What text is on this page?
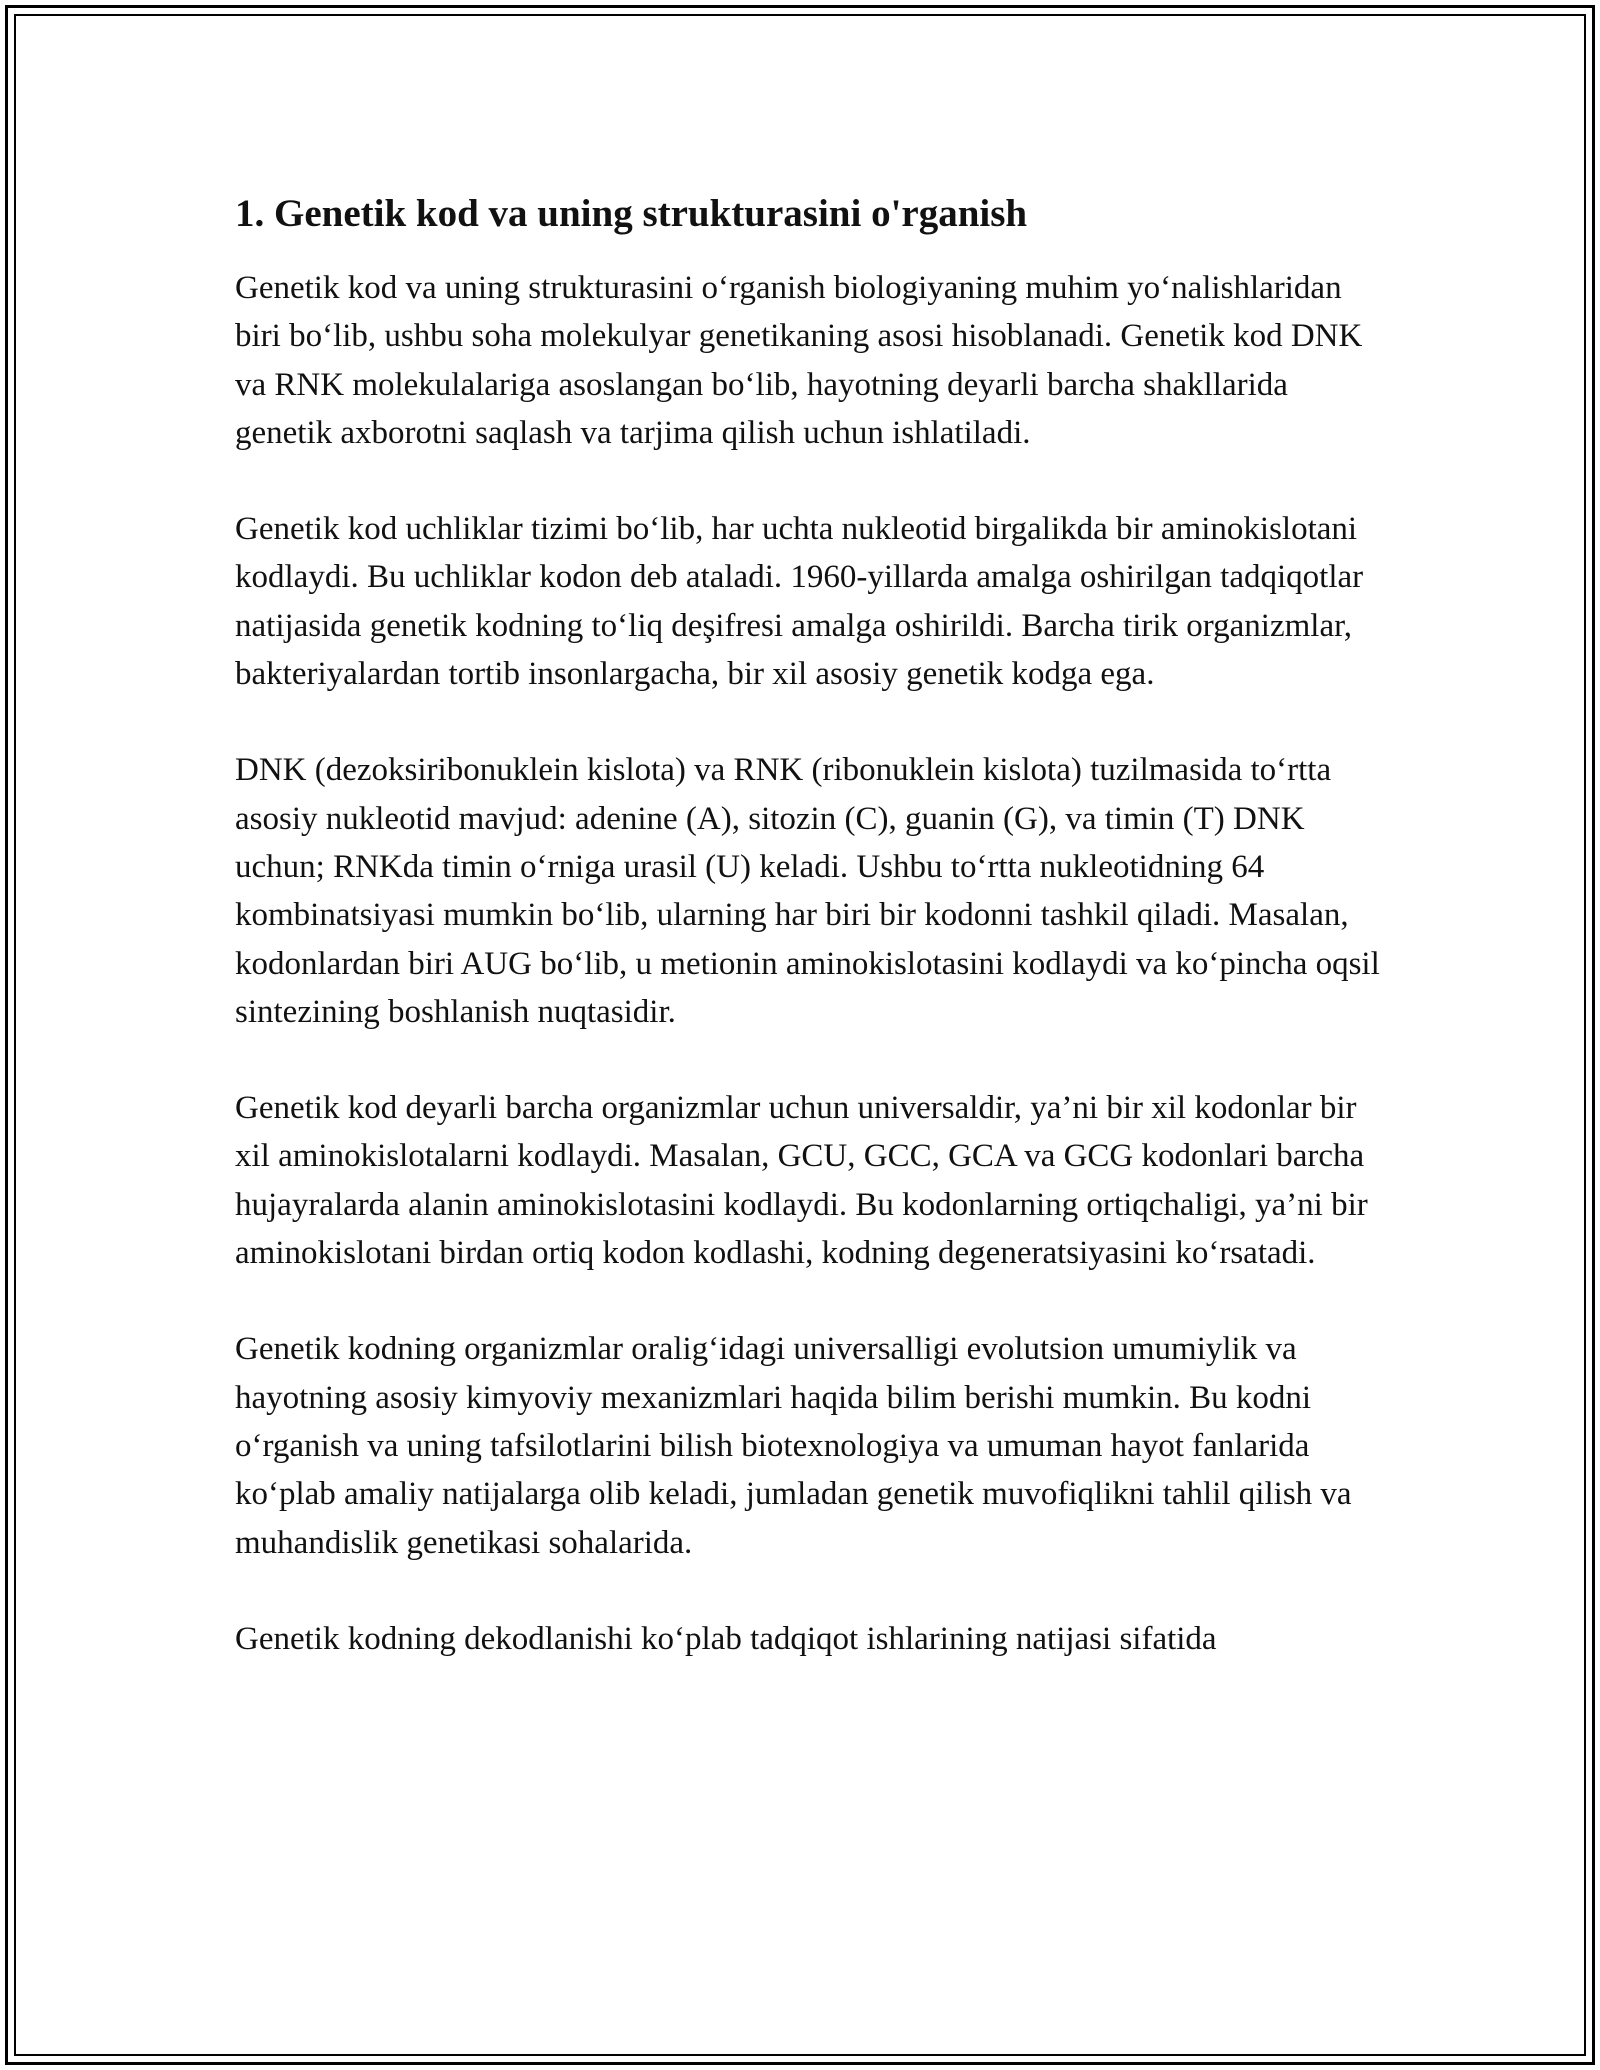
1. Genetik kod va uning strukturasini o'rganish

Genetik kod va uning strukturasini o‘rganish biologiyaning muhim yo‘nalishlaridan biri bo‘lib, ushbu soha molekulyar genetikaning asosi hisoblanadi. Genetik kod DNK va RNK molekulalariga asoslangan bo‘lib, hayotning deyarli barcha shakllarida genetik axborotni saqlash va tarjima qilish uchun ishlatiladi.

Genetik kod uchliklar tizimi bo‘lib, har uchta nukleotid birgalikda bir aminokislotani kodlaydi. Bu uchliklar kodon deb ataladi. 1960-yillarda amalga oshirilgan tadqiqotlar natijasida genetik kodning to‘liq deşifresi amalga oshirildi. Barcha tirik organizmlar, bakteriyalardan tortib insonlargacha, bir xil asosiy genetik kodga ega.

DNK (dezoksiribonuklein kislota) va RNK (ribonuklein kislota) tuzilmasida to‘rtta asosiy nukleotid mavjud: adenine (A), sitozin (C), guanin (G), va timin (T) DNK uchun; RNKda timin o‘rniga urasil (U) keladi. Ushbu to‘rtta nukleotidning 64 kombinatsiyasi mumkin bo‘lib, ularning har biri bir kodonni tashkil qiladi. Masalan, kodonlardan biri AUG bo‘lib, u metionin aminokislotasini kodlaydi va ko‘pincha oqsil sintezining boshlanish nuqtasidir.

Genetik kod deyarli barcha organizmlar uchun universaldir, ya’ni bir xil kodonlar bir xil aminokislotalarni kodlaydi. Masalan, GCU, GCC, GCA va GCG kodonlari barcha hujayralarda alanin aminokislotasini kodlaydi. Bu kodonlarning ortiqchaligi, ya’ni bir aminokislotani birdan ortiq kodon kodlashi, kodning degeneratsiyasini ko‘rsatadi.

Genetik kodning organizmlar oralig‘idagi universalligi evolutsion umumiylik va hayotning asosiy kimyoviy mexanizmlari haqida bilim berishi mumkin. Bu kodni o‘rganish va uning tafsilotlarini bilish biotexnologiya va umuman hayot fanlarida ko‘plab amaliy natijalarga olib keladi, jumladan genetik muvofiqlikni tahlil qilish va muhandislik genetikasi sohalarida.

Genetik kodning dekodlanishi ko‘plab tadqiqot ishlarining natijasi sifatida
